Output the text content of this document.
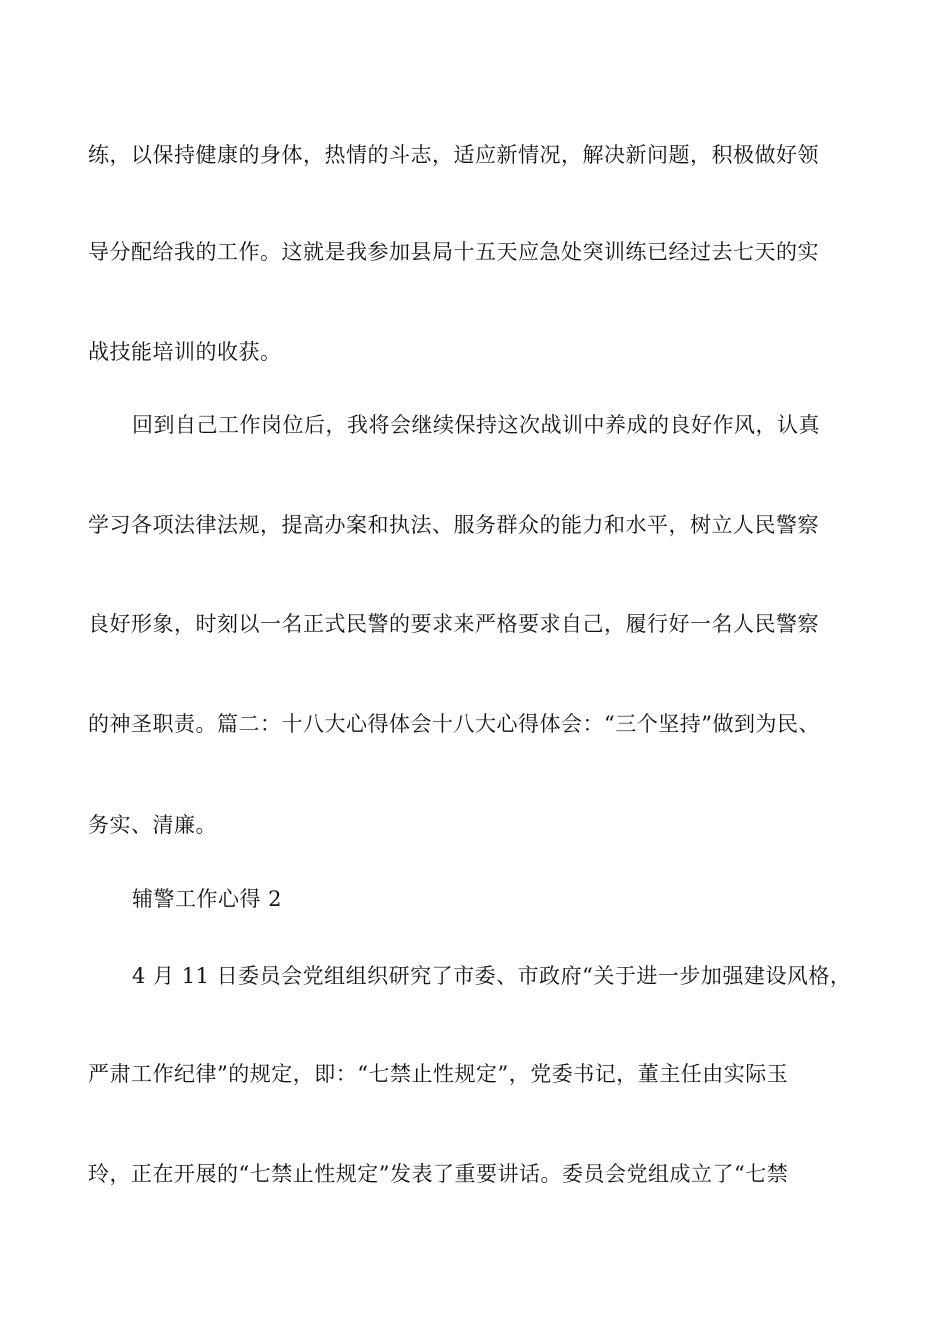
练，以保持健康的身体，热情的斗志，适应新情况，解决新问题，积极做好领
导分配给我的工作。这就是我参加县局十五天应急处突训练已经过去七天的实
战技能培训的收获。
回到自己工作岗位后，我将会继续保持这次战训中养成的良好作风，认真
学习各项法律法规，提高办案和执法、服务群众的能力和水平，树立人民警察
良好形象，时刻以一名正式民警的要求来严格要求自己，履行好一名人民警察
的神圣职责。篇二：十八大心得体会十八大心得体会：“三个坚持”做到为民、
务实、清廉。
辅警工作心得 2
4 月 11 日委员会党组组织研究了市委、市政府“关于进一步加强建设风格，
严肃工作纪律”的规定，即：“七禁止性规定”，党委书记，董主任由实际玉
玲，正在开展的“七禁止性规定”发表了重要讲话。委员会党组成立了“七禁
